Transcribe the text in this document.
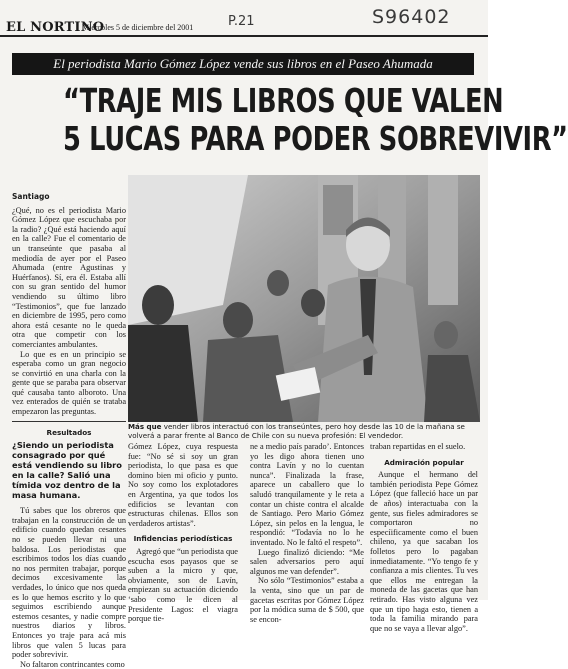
EL NORTINO
Miércoles 5 de diciembre del 2001	P.21	S96402
El periodista Mario Gómez López vende sus libros en el Paseo Ahumada
“TRAJE MIS LIBROS QUE VALEN
5 LUCAS PARA PODER SOBREVIVIR”

Santiago

¿Qué, no es el periodista Mario Gómez López que escuchaba por la radio? ¿Qué está haciendo aquí en la calle? Fue el comentario de un transeúnte que pasaba al mediodía de ayer por el Paseo Ahumada (entre Agustinas y Huérfanos). Sí, era él. Estaba allí con su gran sentido del humor vendiendo su último libro “Testimonios”, que fue lanzado en diciembre de 1995, pero como ahora está cesante no le queda otra que competir con los comerciantes ambulantes.

Lo que es en un principio se esperaba como un gran negocio se convirtió en una charla con la gente que se paraba para observar qué causaba tanto alboroto. Una vez enterados de quién se trataba empezaron las preguntas.

Resultados

¿Siendo un periodista consagrado por qué está vendiendo su libro en la calle? Salió una tímida voz dentro de la masa humana.

Tú sabes que los obreros que trabajan en la construcción de un edificio cuando quedan cesantes no se pueden llevar ni una baldosa. Los periodistas que escribimos todos los días cuando no nos permiten trabajar, porque decimos excesivamente las verdades, lo único que nos queda es lo que hemos escrito y lo que seguimos escribiendo aunque estemos cesantes, y nadie compre nuestros diarios y libros. Entonces yo traje para acá mis libros que valen 5 lucas para poder sobrevivir.

No faltaron contrincantes como

Más que vender libros interactuó con los transeúntes, pero hoy desde las 10 de la mañana se volverá a parar frente al Banco de Chile con su nueva profesión: El vendedor.

Gómez López, cuya respuesta fue: “No sé si soy un gran periodista, lo que pasa es que domino bien mi oficio y punto. No soy como los explotadores en Argentina, ya que todos los edificios se levantan con estructuras chilenas. Ellos son verdaderos artistas”.

Infidencias periodísticas

Agregó que “un periodista que escucha esos payasos que se suben a la micro y que, obviamente, son de Lavín, empiezan su actuación diciendo ‘sabo como le dicen al Presidente Lagos: el viagra porque tie-

ne a medio país parado’. Entonces yo les digo ahora tienen uno contra Lavín y no lo cuentan nunca”. Finalizada la frase, aparece un caballero que lo saludó tranquilamente y le reta a contar un chiste contra el alcalde de Santiago. Pero Mario Gómez López, sin pelos en la lengua, le respondió: “Todavía no lo he inventado. No le faltó el respeto”.

Luego finalizó diciendo: “Me salen adversarios pero aquí algunos me van defender”.

No sólo “Testimonios” estaba a la venta, sino que un par de gacetas escritas por Gómez López por la módica suma de $ 500, que se encon-

traban repartidas en el suelo.

Admiración popular

Aunque el hermano del también periodista Pepe Gómez López (que falleció hace un par de años) interactuaba con la gente, sus fieles admiradores se comportaron no especíificamente como el buen chileno, ya que sacaban los folletos pero lo pagaban inmediatamente. “Yo tengo fe y confianza a mis clientes. Tu ves que ellos me entregan la moneda de las gacetas que han retirado. Has visto alguna vez que un tipo haga esto, tienen a toda la familia mirando para que no se vaya a llevar algo”.
